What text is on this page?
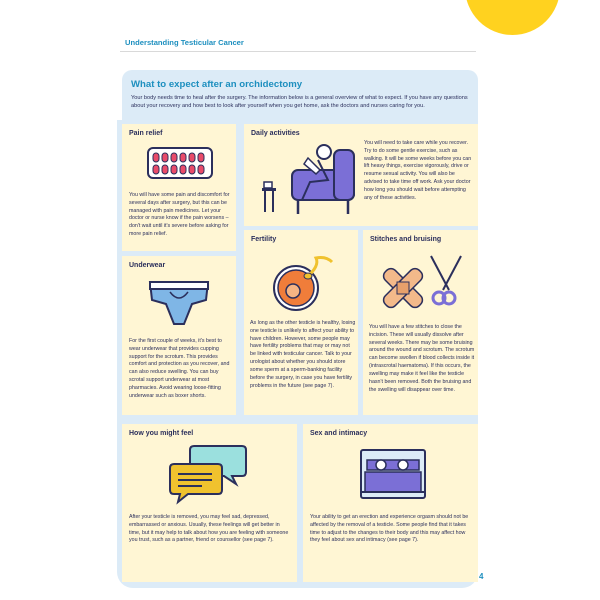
Understanding Testicular Cancer
What to expect after an orchidectomy

Your body needs time to heal after the surgery. The information below is a general overview of what to expect. If you have any questions about your recovery and how best to look after yourself when you get home, ask the doctors and nurses caring for you.

Pain relief
You will have some pain and discomfort for several days after surgery, but this can be managed with pain medicines. Let your doctor or nurse know if the pain worsens – don't wait until it's severe before asking for more pain relief.
Daily activities
You will need to take care while you recover. Try to do some gentle exercise, such as walking. It will be some weeks before you can lift heavy things, exercise vigorously, drive or resume sexual activity. You will also be advised to take time off work. Ask your doctor how long you should wait before attempting any of these activities.
Underwear
For the first couple of weeks, it's best to wear underwear that provides cupping support for the scrotum. This provides comfort and protection as you recover, and can also reduce swelling. You can buy scrotal support underwear at most pharmacies. Avoid wearing loose-fitting underwear such as boxer shorts.
Fertility
As long as the other testicle is healthy, losing one testicle is unlikely to affect your ability to have children. However, some people may have fertility problems that may or may not be linked with testicular cancer. Talk to your urologist about whether you should store some sperm at a sperm-banking facility before the surgery, in case you have fertility problems in the future (see page 7).
Stitches and bruising
You will have a few stitches to close the incision. These will usually dissolve after several weeks. There may be some bruising around the wound and scrotum. The scrotum can become swollen if blood collects inside it (intrascrotal haematoma). If this occurs, the swelling may make it feel like the testicle hasn't been removed. Both the bruising and the swelling will disappear over time.
How you might feel
After your testicle is removed, you may feel sad, depressed, embarrassed or anxious. Usually, these feelings will get better in time, but it may help to talk about how you are feeling with someone you trust, such as a partner, friend or counsellor (see page 7).
Sex and intimacy
Your ability to get an erection and experience orgasm should not be affected by the removal of a testicle. Some people find that it takes time to adjust to the changes to their body and this may affect how they feel about sex and intimacy (see page 7).
4
